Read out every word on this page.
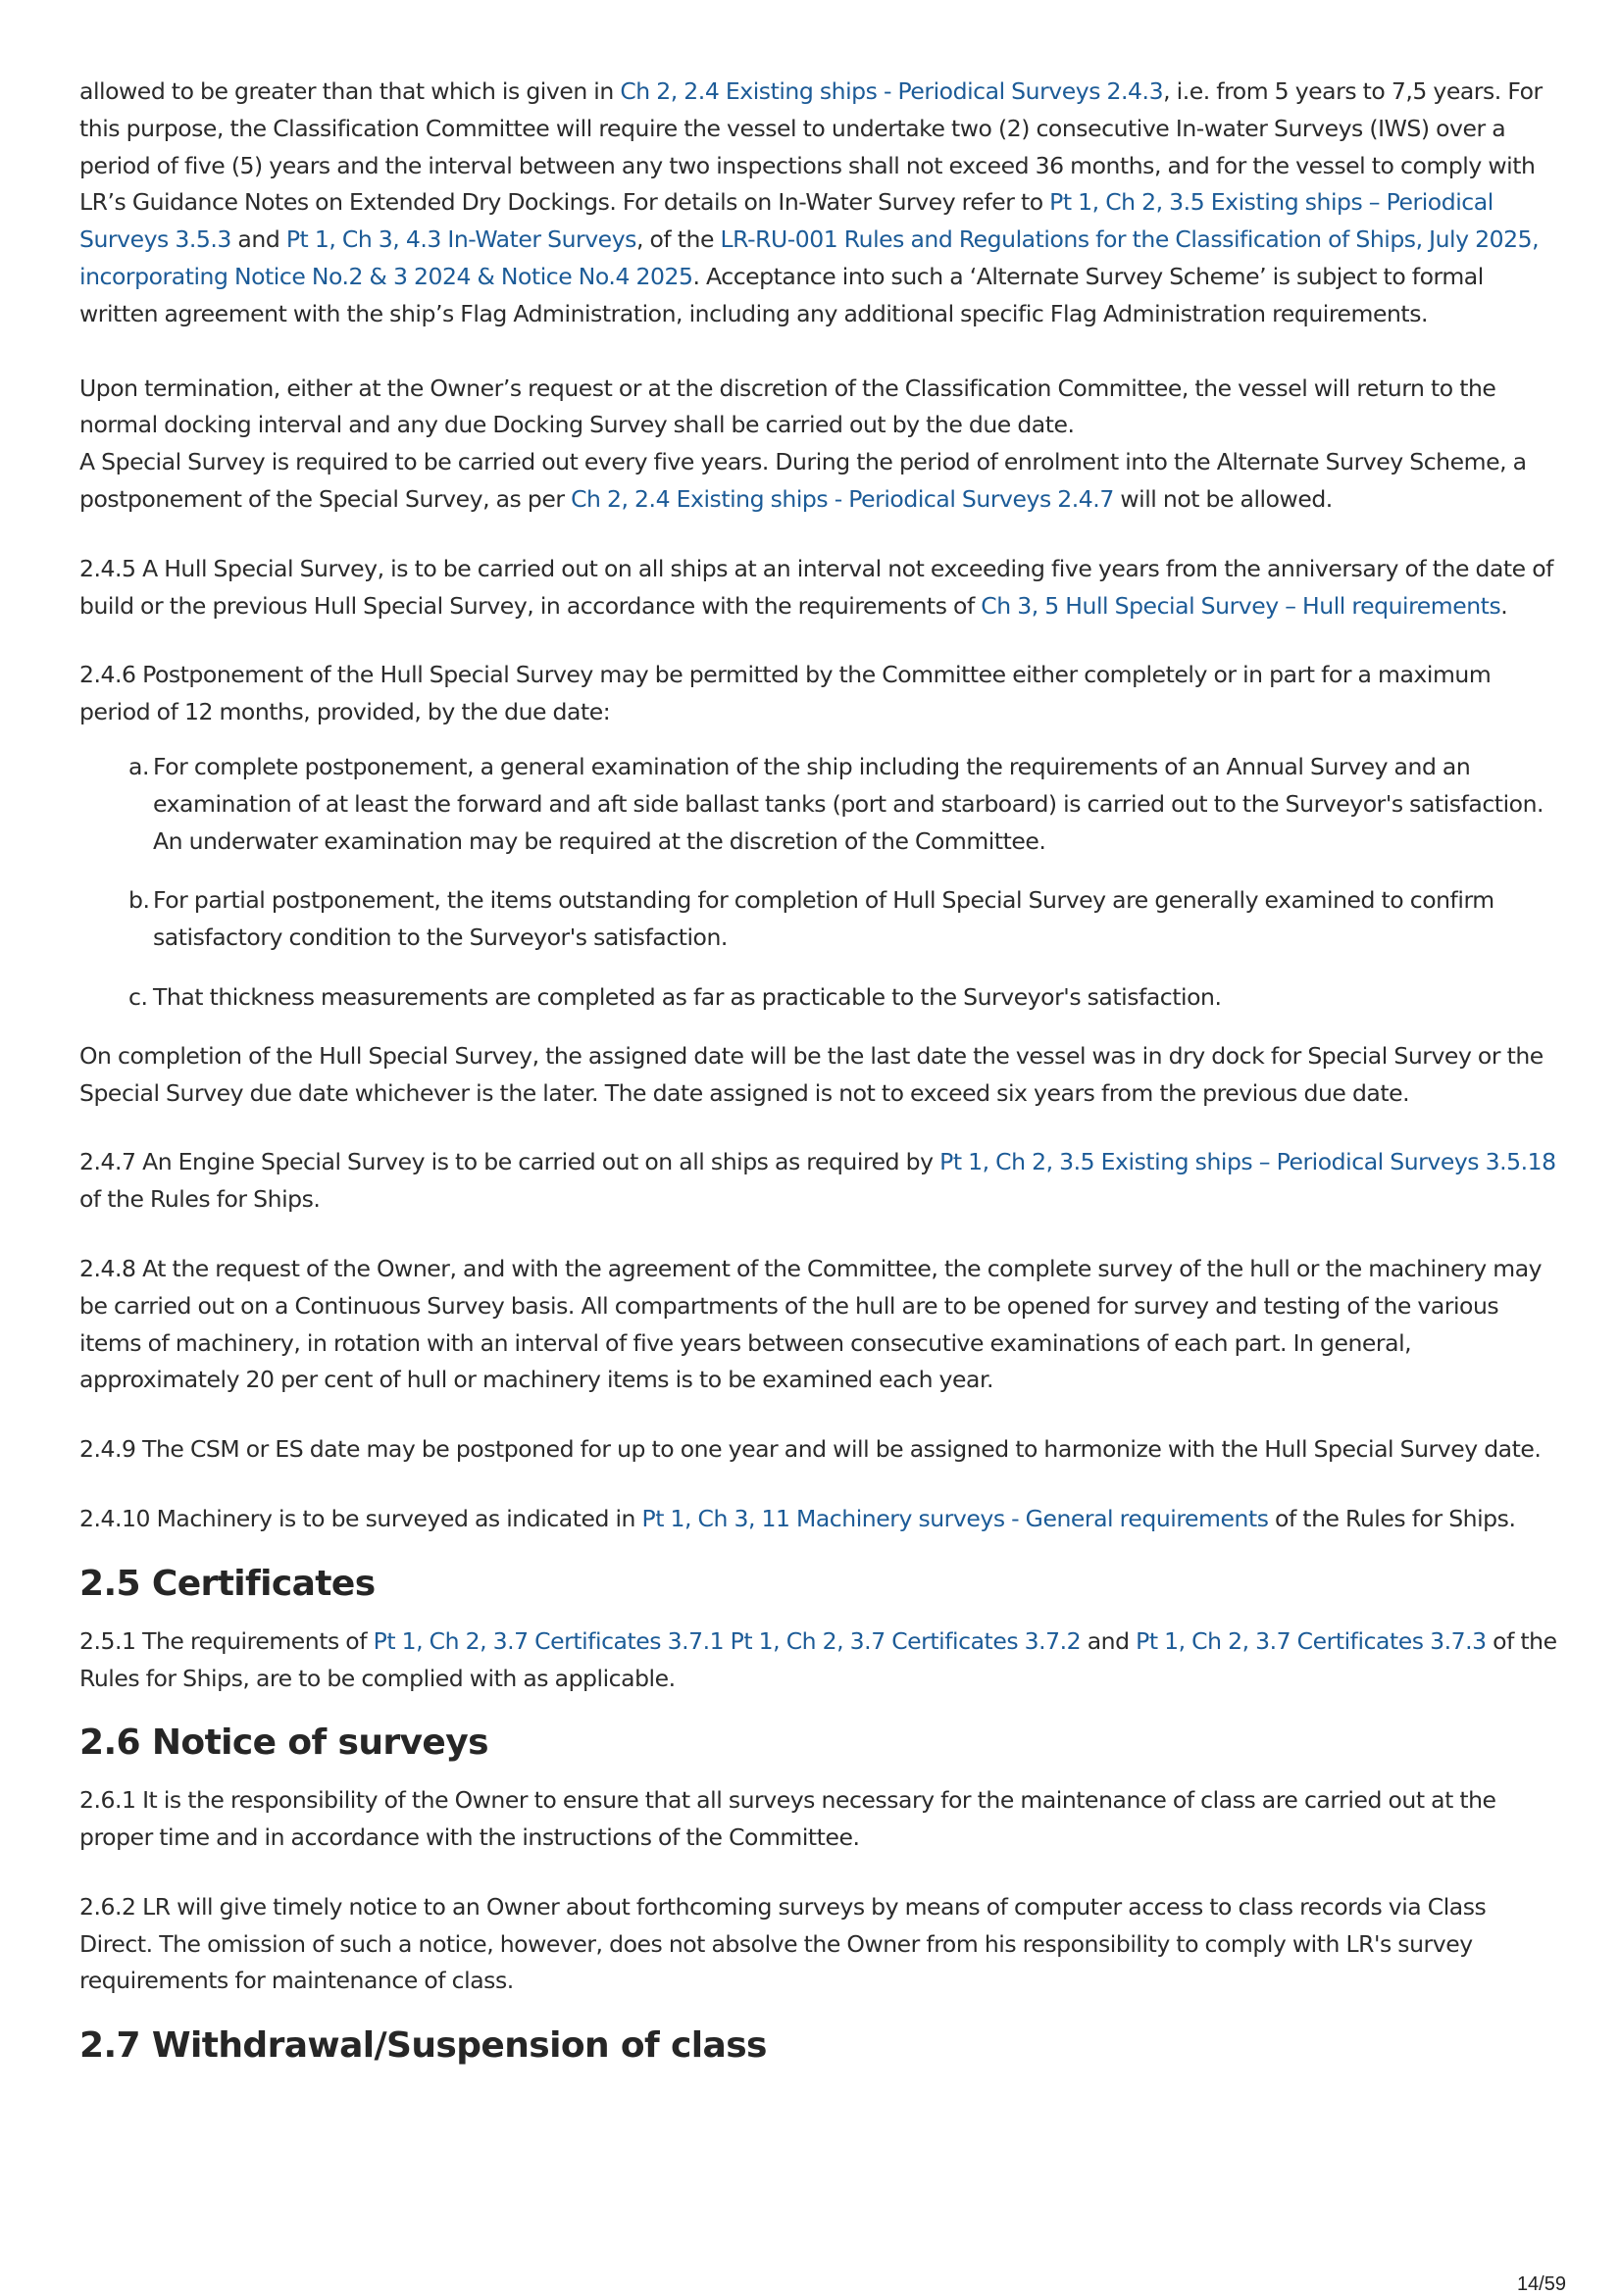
allowed to be greater than that which is given in Ch 2, 2.4 Existing ships - Periodical Surveys 2.4.3, i.e. from 5 years to 7,5 years. For this purpose, the Classification Committee will require the vessel to undertake two (2) consecutive In-water Surveys (IWS) over a period of five (5) years and the interval between any two inspections shall not exceed 36 months, and for the vessel to comply with LR’s Guidance Notes on Extended Dry Dockings. For details on In-Water Survey refer to Pt 1, Ch 2, 3.5 Existing ships – Periodical Surveys 3.5.3 and Pt 1, Ch 3, 4.3 In-Water Surveys, of the LR-RU-001 Rules and Regulations for the Classification of Ships, July 2025, incorporating Notice No.2 & 3 2024 & Notice No.4 2025. Acceptance into such a ‘Alternate Survey Scheme’ is subject to formal written agreement with the ship’s Flag Administration, including any additional specific Flag Administration requirements.

Upon termination, either at the Owner’s request or at the discretion of the Classification Committee, the vessel will return to the normal docking interval and any due Docking Survey shall be carried out by the due date.

A Special Survey is required to be carried out every five years. During the period of enrolment into the Alternate Survey Scheme, a postponement of the Special Survey, as per Ch 2, 2.4 Existing ships - Periodical Surveys 2.4.7 will not be allowed.

2.4.5 A Hull Special Survey, is to be carried out on all ships at an interval not exceeding five years from the anniversary of the date of build or the previous Hull Special Survey, in accordance with the requirements of Ch 3, 5 Hull Special Survey – Hull requirements.

2.4.6 Postponement of the Hull Special Survey may be permitted by the Committee either completely or in part for a maximum period of 12 months, provided, by the due date:

a. For complete postponement, a general examination of the ship including the requirements of an Annual Survey and an examination of at least the forward and aft side ballast tanks (port and starboard) is carried out to the Surveyor's satisfaction. An underwater examination may be required at the discretion of the Committee.
b. For partial postponement, the items outstanding for completion of Hull Special Survey are generally examined to confirm satisfactory condition to the Surveyor's satisfaction.
c. That thickness measurements are completed as far as practicable to the Surveyor's satisfaction.

On completion of the Hull Special Survey, the assigned date will be the last date the vessel was in dry dock for Special Survey or the Special Survey due date whichever is the later. The date assigned is not to exceed six years from the previous due date.

2.4.7 An Engine Special Survey is to be carried out on all ships as required by Pt 1, Ch 2, 3.5 Existing ships – Periodical Surveys 3.5.18 of the Rules for Ships.

2.4.8 At the request of the Owner, and with the agreement of the Committee, the complete survey of the hull or the machinery may be carried out on a Continuous Survey basis. All compartments of the hull are to be opened for survey and testing of the various items of machinery, in rotation with an interval of five years between consecutive examinations of each part. In general, approximately 20 per cent of hull or machinery items is to be examined each year.

2.4.9 The CSM or ES date may be postponed for up to one year and will be assigned to harmonize with the Hull Special Survey date.

2.4.10 Machinery is to be surveyed as indicated in Pt 1, Ch 3, 11 Machinery surveys - General requirements of the Rules for Ships.

2.5 Certificates

2.5.1 The requirements of Pt 1, Ch 2, 3.7 Certificates 3.7.1 Pt 1, Ch 2, 3.7 Certificates 3.7.2 and Pt 1, Ch 2, 3.7 Certificates 3.7.3 of the Rules for Ships, are to be complied with as applicable.

2.6 Notice of surveys

2.6.1 It is the responsibility of the Owner to ensure that all surveys necessary for the maintenance of class are carried out at the proper time and in accordance with the instructions of the Committee.

2.6.2 LR will give timely notice to an Owner about forthcoming surveys by means of computer access to class records via Class Direct. The omission of such a notice, however, does not absolve the Owner from his responsibility to comply with LR's survey requirements for maintenance of class.

2.7 Withdrawal/Suspension of class
14/59
